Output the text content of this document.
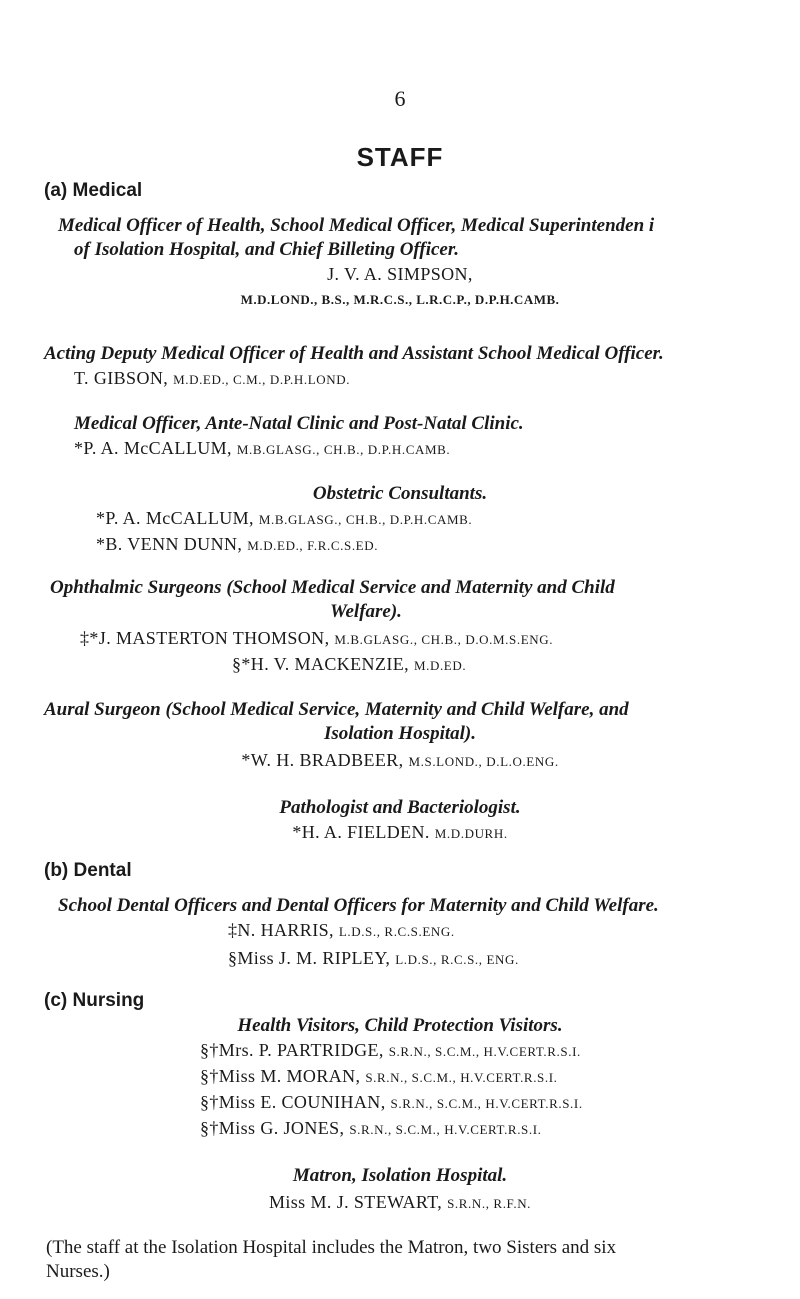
6
STAFF
(a) Medical
Medical Officer of Health, School Medical Officer, Medical Superintenden i
of Isolation Hospital, and Chief Billeting Officer.
J. V. A. SIMPSON,
M.D.LOND., B.S., M.R.C.S., L.R.C.P., D.P.H.CAMB.
Acting Deputy Medical Officer of Health and Assistant School Medical Officer.
T. GIBSON, M.D.ED., C.M., D.P.H.LOND.
Medical Officer, Ante-Natal Clinic and Post-Natal Clinic.
*P. A. McCALLUM, M.B.GLASG., CH.B., D.P.H.CAMB.
Obstetric Consultants.
*P. A. McCALLUM, M.B.GLASG., CH.B., D.P.H.CAMB.
*B. VENN DUNN, M.D.ED., F.R.C.S.ED.
Ophthalmic Surgeons (School Medical Service and Maternity and Child
Welfare).
‡*J. MASTERTON THOMSON, M.B.GLASG., CH.B., D.O.M.S.ENG.
§*H. V. MACKENZIE, M.D.ED.
Aural Surgeon (School Medical Service, Maternity and Child Welfare, and
Isolation Hospital).
*W. H. BRADBEER, M.S.LOND., D.L.O.ENG.
Pathologist and Bacteriologist.
*H. A. FIELDEN. M.D.DURH.
(b) Dental
School Dental Officers and Dental Officers for Maternity and Child Welfare.
‡N. HARRIS, L.D.S., R.C.S.ENG.
§Miss J. M. RIPLEY, L.D.S., R.C.S., ENG.
(c) Nursing
Health Visitors, Child Protection Visitors.
§†Mrs. P. PARTRIDGE, S.R.N., S.C.M., H.V.CERT.R.S.I.
§†Miss M. MORAN, S.R.N., S.C.M., H.V.CERT.R.S.I.
§†Miss E. COUNIHAN, S.R.N., S.C.M., H.V.CERT.R.S.I.
§†Miss G. JONES, S.R.N., S.C.M., H.V.CERT.R.S.I.
Matron, Isolation Hospital.
Miss M. J. STEWART, S.R.N., R.F.N.
(The staff at the Isolation Hospital includes the Matron, two Sisters and six
Nurses.)
